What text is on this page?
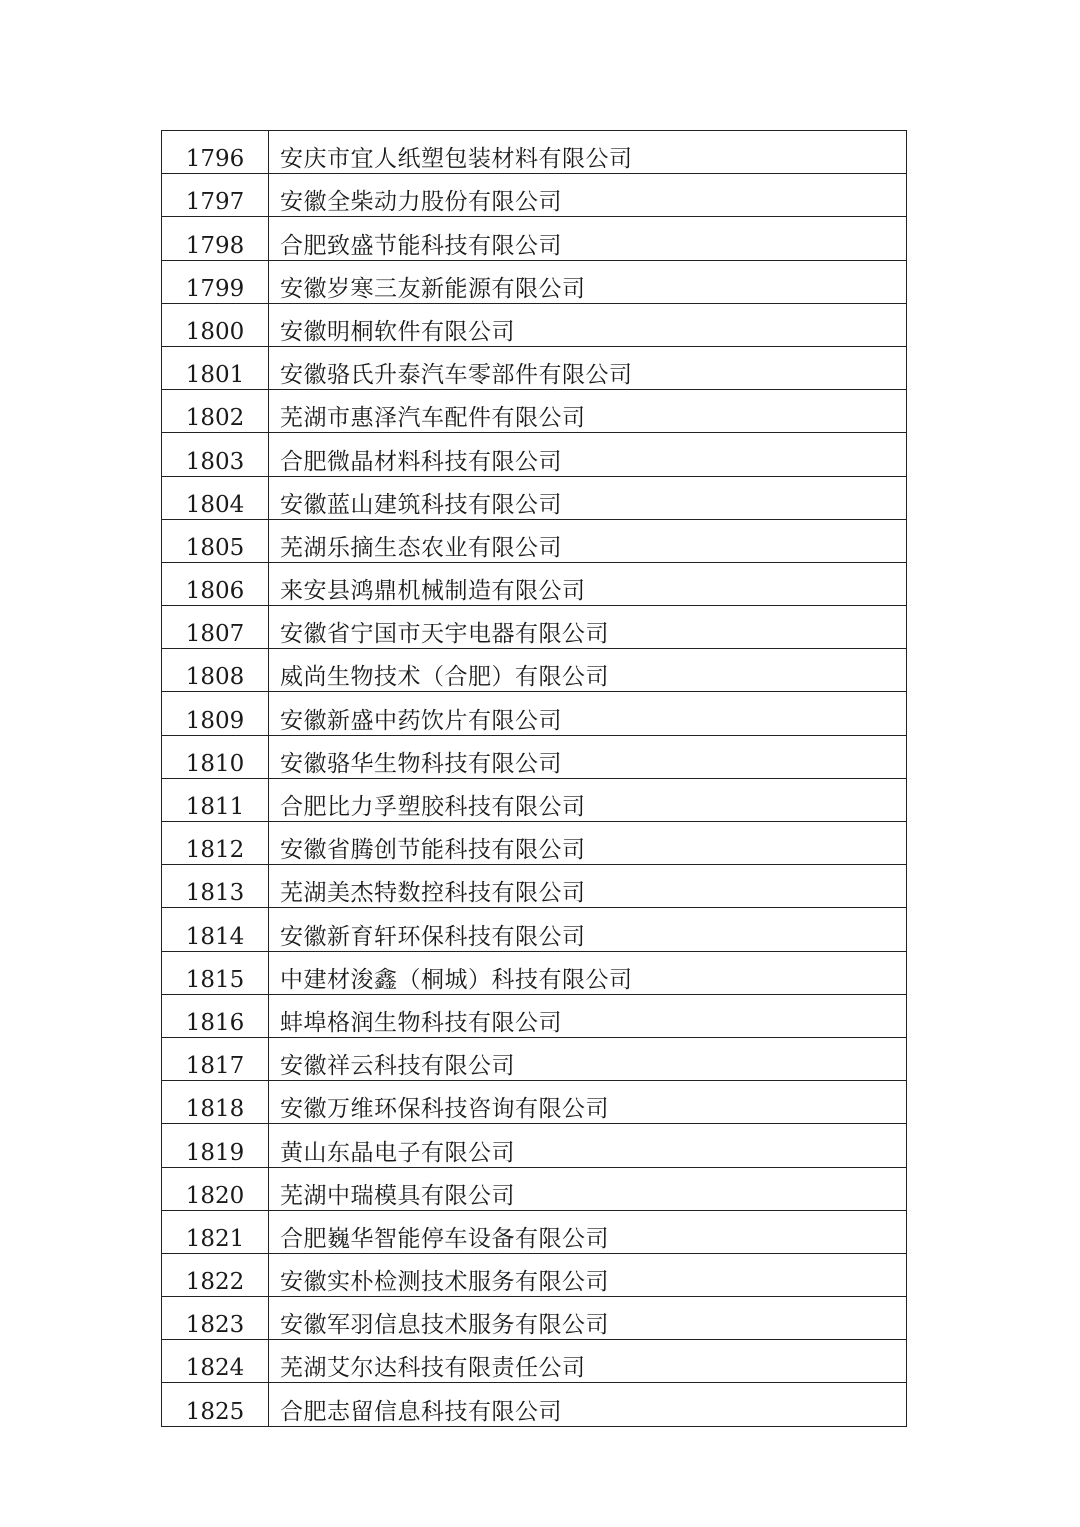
1796	安庆市宜人纸塑包装材料有限公司
1797	安徽全柴动力股份有限公司
1798	合肥致盛节能科技有限公司
1799	安徽岁寒三友新能源有限公司
1800	安徽明桐软件有限公司
1801	安徽骆氏升泰汽车零部件有限公司
1802	芜湖市惠泽汽车配件有限公司
1803	合肥微晶材料科技有限公司
1804	安徽蓝山建筑科技有限公司
1805	芜湖乐摘生态农业有限公司
1806	来安县鸿鼎机械制造有限公司
1807	安徽省宁国市天宇电器有限公司
1808	威尚生物技术（合肥）有限公司
1809	安徽新盛中药饮片有限公司
1810	安徽骆华生物科技有限公司
1811	合肥比力孚塑胶科技有限公司
1812	安徽省腾创节能科技有限公司
1813	芜湖美杰特数控科技有限公司
1814	安徽新育轩环保科技有限公司
1815	中建材浚鑫（桐城）科技有限公司
1816	蚌埠格润生物科技有限公司
1817	安徽祥云科技有限公司
1818	安徽万维环保科技咨询有限公司
1819	黄山东晶电子有限公司
1820	芜湖中瑞模具有限公司
1821	合肥巍华智能停车设备有限公司
1822	安徽实朴检测技术服务有限公司
1823	安徽军羽信息技术服务有限公司
1824	芜湖艾尔达科技有限责任公司
1825	合肥志留信息科技有限公司
